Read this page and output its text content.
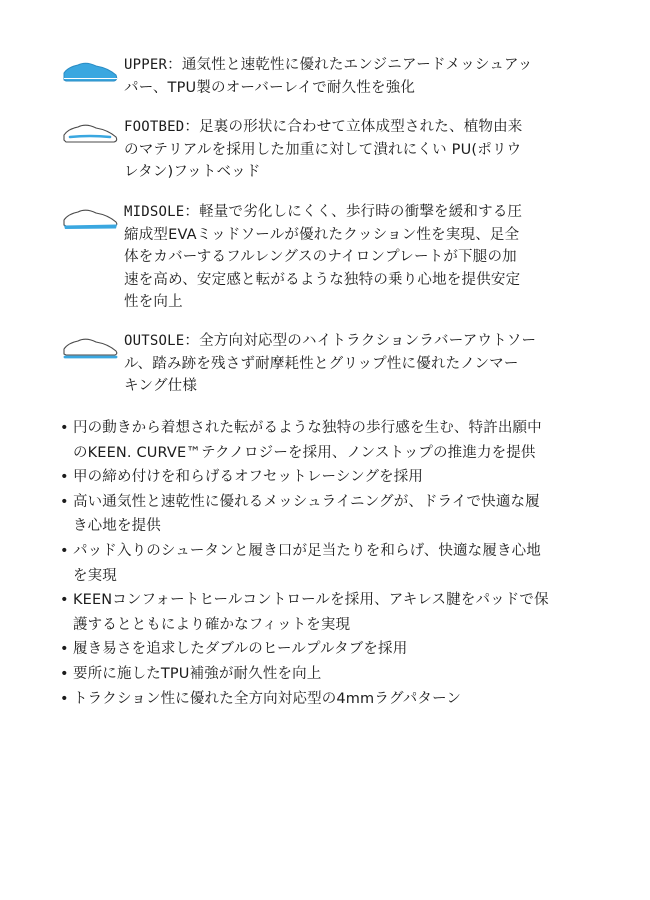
UPPER：通気性と速乾性に優れたエンジニアードメッシュアッ
パー、TPU製のオーバーレイで耐久性を強化
FOOTBED：足裏の形状に合わせて立体成型された、植物由来
のマテリアルを採用した加重に対して潰れにくい PU(ポリウ
レタン)フットベッド
MIDSOLE：軽量で劣化しにくく、歩行時の衝撃を緩和する圧
縮成型EVAミッドソールが優れたクッション性を実現、足全
体をカバーするフルレングスのナイロンプレートが下腿の加
速を高め、安定感と転がるような独特の乗り心地を提供安定
性を向上
OUTSOLE：全方向対応型のハイトラクションラバーアウトソー
ル、踏み跡を残さず耐摩耗性とグリップ性に優れたノンマー
キング仕様
• 円の動きから着想された転がるような独特の歩行感を生む、特許出願中
のKEEN. CURVE™テクノロジーを採用、ノンストップの推進力を提供
• 甲の締め付けを和らげるオフセットレーシングを採用
• 高い通気性と速乾性に優れるメッシュライニングが、ドライで快適な履
き心地を提供
• パッド入りのシュータンと履き口が足当たりを和らげ、快適な履き心地
を実現
• KEENコンフォートヒールコントロールを採用、アキレス腱をパッドで保
護するとともにより確かなフィットを実現
• 履き易さを追求したダブルのヒールプルタブを採用
• 要所に施したTPU補強が耐久性を向上
• トラクション性に優れた全方向対応型の4mmラグパターン
